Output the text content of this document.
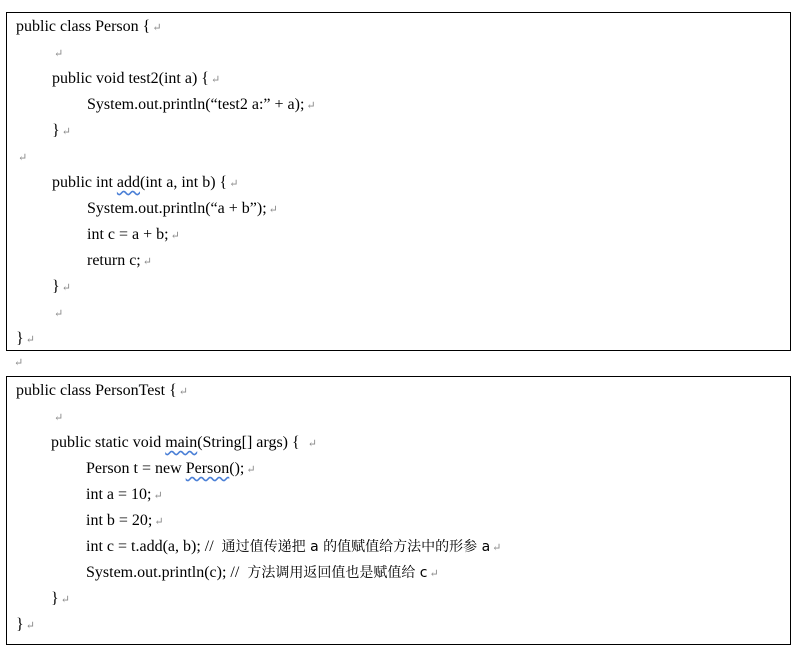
public class Person { ↵
↵
public void test2(int a) { ↵
System.out.println(“test2 a:” + a); ↵
} ↵
↵
public int add(int a, int b) { ↵
System.out.println(“a + b”); ↵
int c = a + b; ↵
return c; ↵
} ↵
↵
} ↵
↵
public class PersonTest { ↵
↵
public static void main(String[] args) { ↵
Person t = new Person(); ↵
int a = 10; ↵
int b = 20; ↵
int c = t.add(a, b); //  通过值传递把 a 的值赋值给方法中的形参 a ↵
System.out.println(c); //  方法调用返回值也是赋值给 c ↵
} ↵
} ↵
